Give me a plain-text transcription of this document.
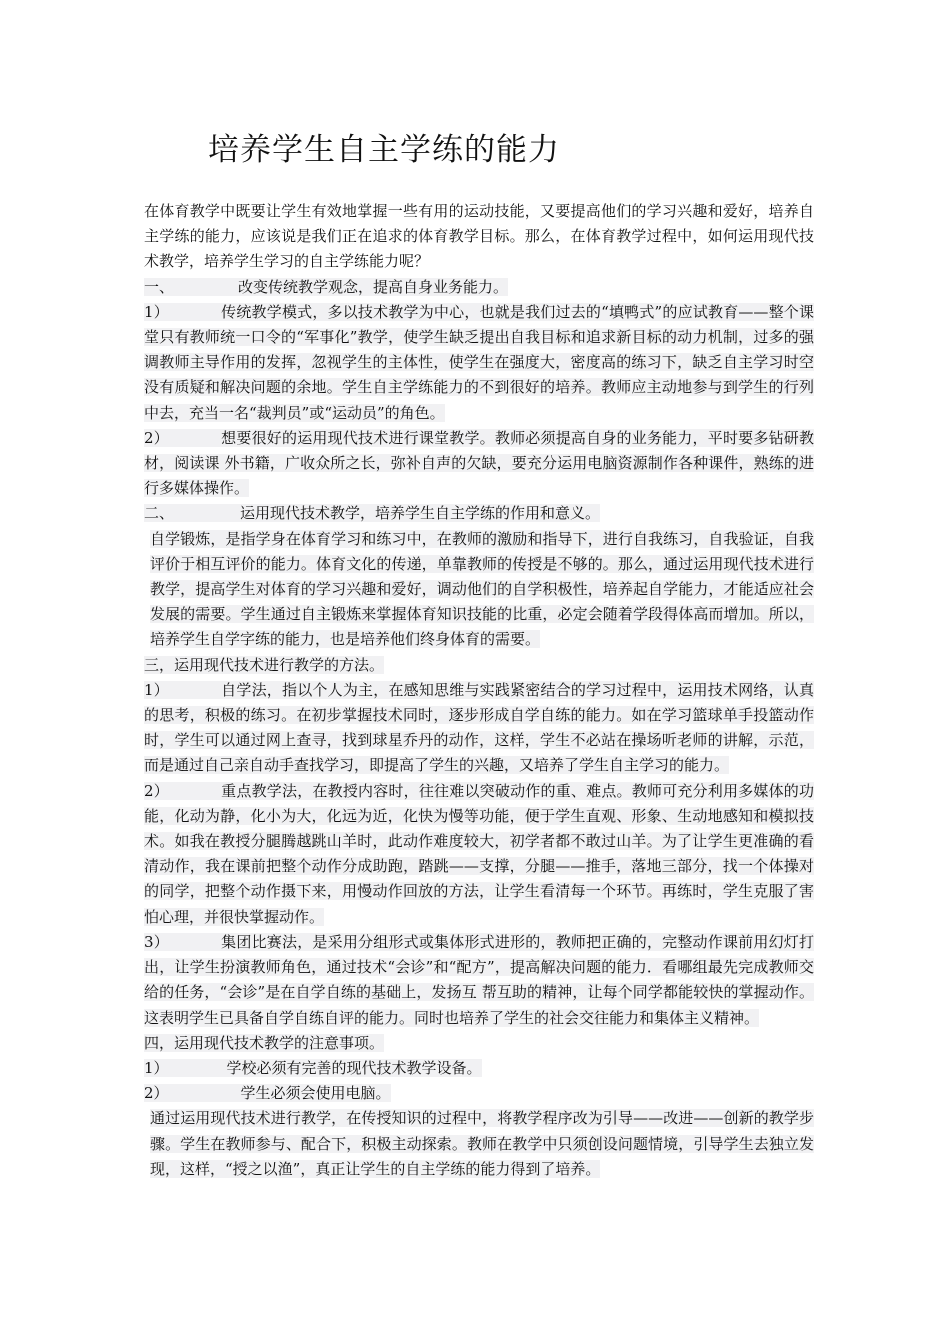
培养学生自主学练的能力

在体育教学中既要让学生有效地掌握一些有用的运动技能，又要提高他们的学习兴趣和爱好，培养自主学练的能力，应该说是我们正在追求的体育教学目标。那么，在体育教学过程中，如何运用现代技术教学，培养学生学习的自主学练能力呢？

一、	改变传统教学观念，提高自身业务能力。

1）	传统教学模式，多以技术教学为中心，也就是我们过去的“填鸭式”的应试教育——整个课堂只有教师统一口令的“军事化”教学，使学生缺乏提出自我目标和追求新目标的动力机制，过多的强调教师主导作用的发挥，忽视学生的主体性，使学生在强度大，密度高的练习下，缺乏自主学习时空没有质疑和解决问题的余地。学生自主学练能力的不到很好的培养。教师应主动地参与到学生的行列中去，充当一名“裁判员”或“运动员”的角色。

2）	想要很好的运用现代技术进行课堂教学。教师必须提高自身的业务能力，平时要多钻研教材，阅读课 外书籍，广收众所之长，弥补自声的欠缺，要充分运用电脑资源制作各种课件，熟练的进行多媒体操作。

二、	运用现代技术教学，培养学生自主学练的作用和意义。

自学锻炼，是指学身在体育学习和练习中，在教师的激励和指导下，进行自我练习，自我验证，自我评价于相互评价的能力。体育文化的传递，单靠教师的传授是不够的。那么，通过运用现代技术进行教学，提高学生对体育的学习兴趣和爱好，调动他们的自学积极性，培养起自学能力，才能适应社会发展的需要。学生通过自主锻炼来掌握体育知识技能的比重，必定会随着学段得体高而增加。所以，培养学生自学字练的能力，也是培养他们终身体育的需要。

三，运用现代技术进行教学的方法。

1）	自学法，指以个人为主，在感知思维与实践紧密结合的学习过程中，运用技术网络，认真的思考，积极的练习。在初步掌握技术同时，逐步形成自学自练的能力。如在学习篮球单手投篮动作时，学生可以通过网上查寻，找到球星乔丹的动作，这样，学生不必站在操场听老师的讲解，示范，而是通过自己亲自动手查找学习，即提高了学生的兴趣，又培养了学生自主学习的能力。

2）	重点教学法，在教授内容时，往往难以突破动作的重、难点。教师可充分利用多媒体的功能，化动为静，化小为大，化远为近，化快为慢等功能，便于学生直观、形象、生动地感知和模拟技术。如我在教授分腿腾越跳山羊时，此动作难度较大，初学者都不敢过山羊。为了让学生更准确的看清动作，我在课前把整个动作分成助跑，踏跳——支撑，分腿——推手，落地三部分，找一个体操对的同学，把整个动作摄下来，用慢动作回放的方法，让学生看清每一个环节。再练时，学生克服了害怕心理，并很快掌握动作。

3）	集团比赛法，是采用分组形式或集体形式进形的，教师把正确的，完整动作课前用幻灯打出，让学生扮演教师角色，通过技术“会诊”和“配方”，提高解决问题的能力．看哪组最先完成教师交给的任务，“会诊”是在自学自练的基础上，发扬互 帮互助的精神，让每个同学都能较快的掌握动作。这表明学生已具备自学自练自评的能力。同时也培养了学生的社会交往能力和集体主义精神。

四，运用现代技术教学的注意事项。

1）	学校必须有完善的现代技术教学设备。

2）	学生必须会使用电脑。

通过运用现代技术进行教学，在传授知识的过程中，将教学程序改为引导——改进——创新的教学步骤。学生在教师参与、配合下，积极主动探索。教师在教学中只须创设问题情境，引导学生去独立发现，这样，“授之以渔”，真正让学生的自主学练的能力得到了培养。
